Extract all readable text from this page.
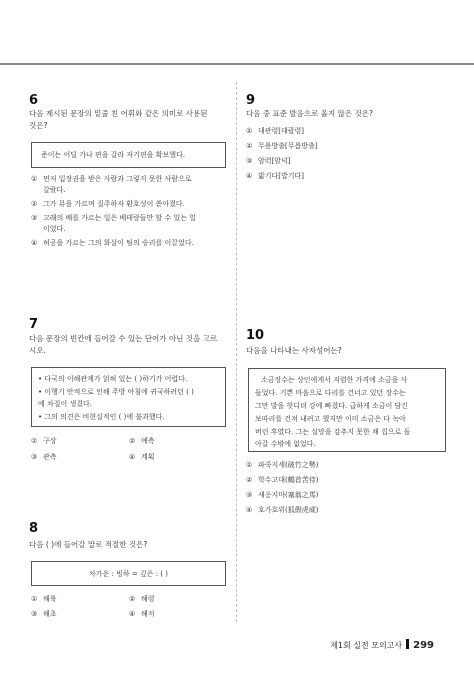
6
다음 제시된 문장의 밑줄 친 어휘와 같은 의미로 사용된
것은?
준이는 어딜 가나 편을 갈라 자기편을 확보했다.
① 먼저 입장권을 받은 사람과 그렇지 못한 사람으로
갈랐다.
② 그가 뮤을 가르며 질주하자 환호성이 쏟아졌다.
③ 고래의 배를 가르는 일은 베테랑들만 할 수 있는 일
이었다.
④ 허공을 가르는 그의 화살이 팀의 승리를 이끌었다.
7
다음 문장의 빈칸에 들어갈 수 있는 단어가 아닌 것을 고르
시오.
• 다국의 이해관계가 얽혀 있는 ( )하기가 어렵다.
• 이행기 안적으로 인해 주방 아침에 귀국하려던 ( )
에 차질이 생겼다.
• 그의 의견은 비현실적인 ( )에 불과했다.
① 구상	② 예측
③ 관측	④ 계획
8
다음 ( )에 들어갈 말로 적절한 것은?
차가운 : 빙하 = 깊은 : ( )
① 해륙	② 해령
③ 해초	④ 해저
9
다음 중 표준 발음으로 옳지 않은 것은?
① 대관령[대괄령]
② 무릎방출[무릅방츨]
③ 암력[암넉]
④ 밟기다[밥기다]
10
다음을 나타내는 사자성어는?
소금장수는 상인에게서 저렴한 가격에 소금을 사
들었다. 기쁜 마음으로 다리를 건너고 있던 장수는
그만 발을 헛디뎌 강에 빠졌다. 급하게 소금이 담긴
보따리를 건져 내려고 했지만 이미 소금은 다 녹아
버린 후였다. 그는 실망을 감추지 못한 채 집으로 돌
아갈 수밖에 없었다.
① 파죽지세(破竹之勢)
② 학수고대(鶴首苦待)
③ 새옹지마(塞翁之馬)
④ 호가호위(狐假虎威)
제1회 실전 모의고사 299
